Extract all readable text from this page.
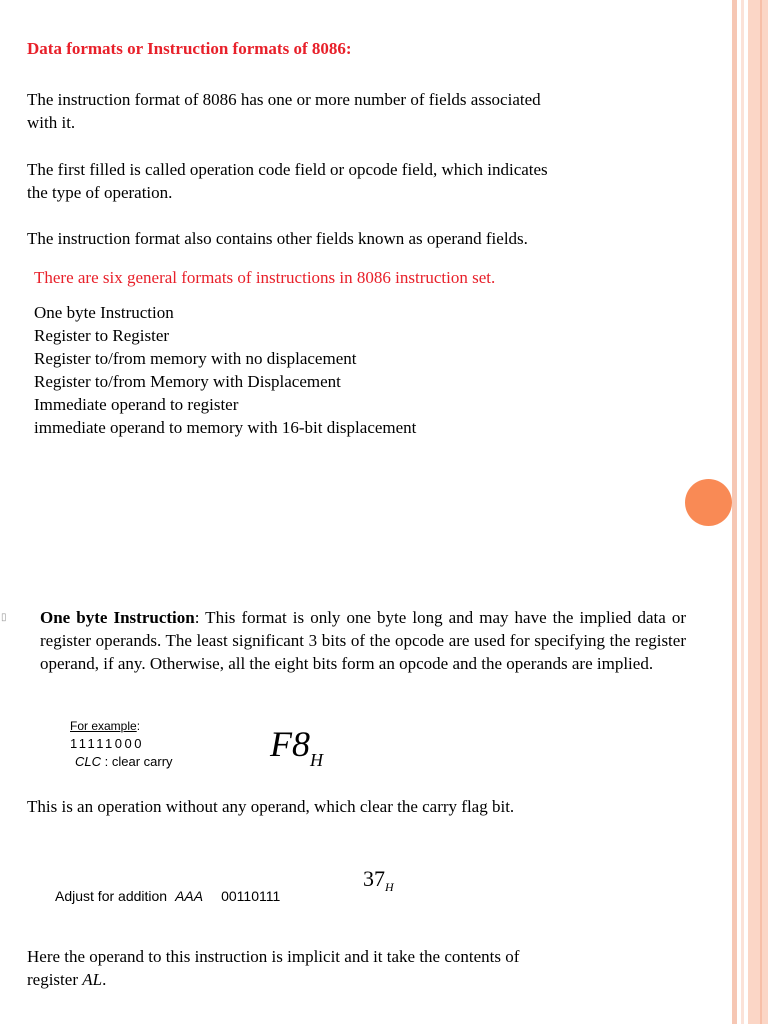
▯
Data formats or Instruction formats of 8086:
The instruction format of 8086 has one or more number of fields associated
with it.
The first filled is called operation code field or opcode field, which indicates
the type of operation.
The instruction format also contains other fields known as operand fields.
There are six general formats of instructions in 8086 instruction set.
One byte Instruction
Register to Register
Register to/from memory with no displacement
Register to/from Memory with Displacement
Immediate operand to register
immediate operand to memory with 16-bit displacement
One byte Instruction: This format is only one byte long and may have the implied data or register operands. The least significant 3 bits of the opcode are used for specifying the register operand, if any. Otherwise, all the eight bits form an opcode and the operands are implied.
For example:
11111000
CLC : clear carry	$F8_H$
This is an operation without any operand, which clear the carry flag bit.
$37_H$
Adjust for addition AAA 00110111
Here the operand to this instruction is implicit and it take the contents of
register AL.
